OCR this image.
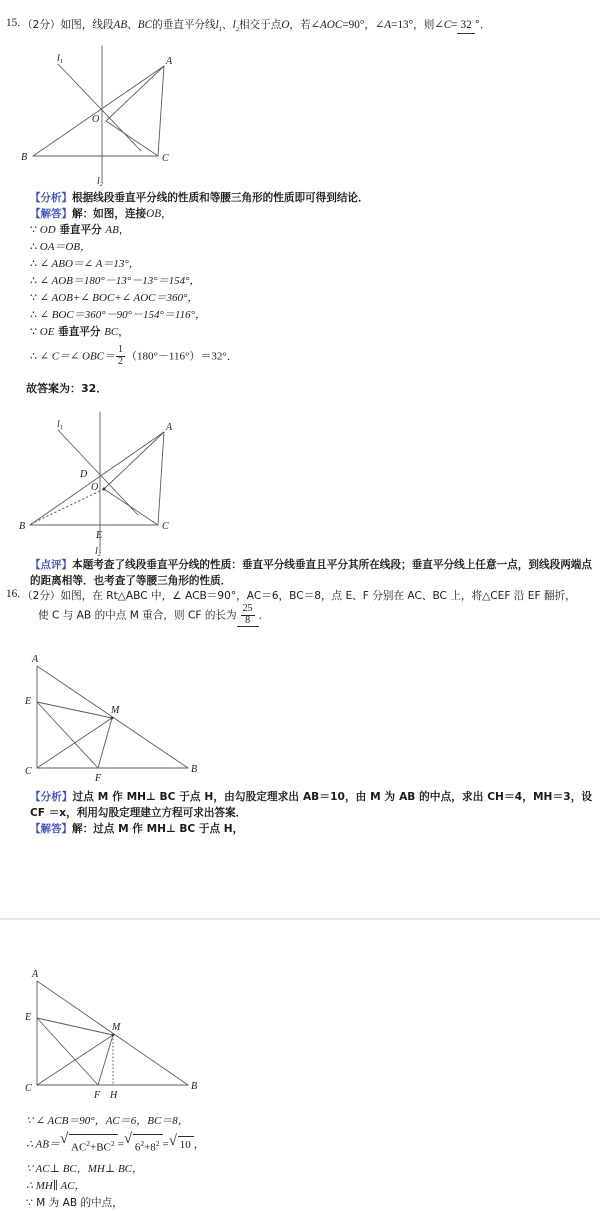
15. （2分）如图，线段AB、BC的垂直平分线$l_1$、$l_2$相交于点O，若∠AOC=90°，∠A=13°，则∠C= 32 °．
$l_1$	A
O
B	C
$l_2$
【分析】根据线段垂直平分线的性质和等腰三角形的性质即可得到结论．
【解答】解：如图，连接OB，
∵ OD 垂直平分 AB，
∴ OA＝OB，
∴ ∠ ABO＝∠ A＝13°，
∴ ∠ AOB＝180°－13°－13°＝154°，
∵ ∠ AOB+∠ BOC+∠ AOC＝360°，
∴ ∠ BOC＝360°－90°－154°＝116°，
∵ OE 垂直平分 BC，
∴ ∠ C＝∠ $OBC= \frac{1}{2} (180^\circ-116^\circ)=32^\circ$．
故答案为：32．
$l_1$	A
D
O
B
E
C
$l_2$
【点评】本题考查了线段垂直平分线的性质：垂直平分线垂直且平分其所在线段；垂直平分线上任意一点，到线段两端点的距离相等．也考查了等腰三角形的性质．
16. （2分）如图，在 Rt△ABC 中，∠ ACB＝90°，AC＝6，BC＝8，点 E、F 分别在 AC、BC 上，将△CEF 沿 EF 翻折，
使 C 与 AB 的中点 M 重合，则 CF 的长为 $\frac{25}{8}$ ．
A
E
M
C
F
B
【分析】过点 M 作 MH⊥ BC 于点 H，由勾股定理求出 AB＝10，由 M 为 AB 的中点，求出 CH＝4，MH＝3，设 CF ＝x，利用勾股定理建立方程可求出答案．
【解答】解：过点 M 作 MH⊥ BC 于点 H，
A
E
M
C
F H
B
∵ ∠ ACB＝90°，AC＝6，BC＝8，
∴ AB＝ √
$AC^2+BC^2$ = √
$6^2+8^2$ = √ 10 ，
∵ AC⊥ BC，MH⊥ BC，
∴ MH∥ AC，
∵ M 为 AB 的中点，
